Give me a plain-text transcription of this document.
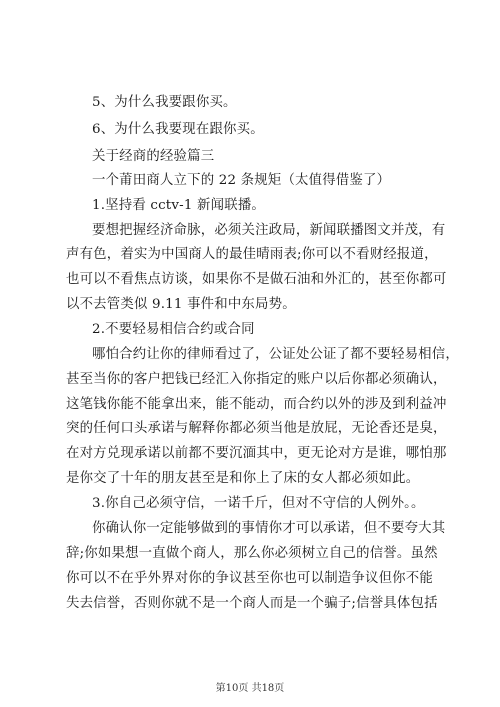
5、为什么我要跟你买。
6、为什么我要现在跟你买。
关于经商的经验篇三
一个莆田商人立下的 22 条规矩（太值得借鉴了）
1.坚持看 cctv-1 新闻联播。
要想把握经济命脉，必须关注政局，新闻联播图文并茂，有
声有色，着实为中国商人的最佳晴雨表;你可以不看财经报道，
也可以不看焦点访谈，如果你不是做石油和外汇的，甚至你都可
以不去管类似 9.11 事件和中东局势。
2.不要轻易相信合约或合同
哪怕合约让你的律师看过了，公证处公证了都不要轻易相信，
甚至当你的客户把钱已经汇入你指定的账户以后你都必须确认，
这笔钱你能不能拿出来，能不能动，而合约以外的涉及到利益冲
突的任何口头承诺与解释你都必须当他是放屁，无论香还是臭，
在对方兑现承诺以前都不要沉湎其中，更无论对方是谁，哪怕那
是你交了十年的朋友甚至是和你上了床的女人都必须如此。
3.你自己必须守信，一诺千斤，但对不守信的人例外。。
你确认你一定能够做到的事情你才可以承诺，但不要夸大其
辞;你如果想一直做个商人，那么你必须树立自己的信誉。虽然
你可以不在乎外界对你的争议甚至你也可以制造争议但你不能
失去信誉，否则你就不是一个商人而是一个骗子;信誉具体包括
第10页 共18页
